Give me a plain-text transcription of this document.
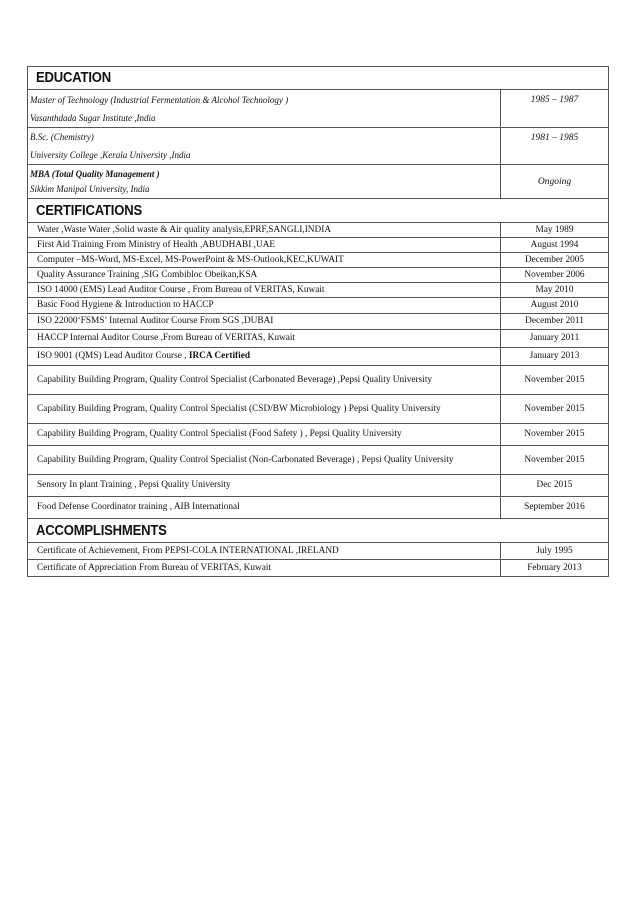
EDUCATION	

Master of Technology (Industrial Fermentation & Alcohol Technology )
Vasanthdada Sugar Institute ,India	1985 – 1987

B.Sc. (Chemistry)
University College ,Kerala University ,India	1981 – 1985

MBA (Total Quality Management )
Sikkim Manipal University, India	Ongoing
CERTIFICATIONS	
Water ,Waste Water ,Solid waste & Air quality analysis,EPRF,SANGLI,INDIA	May 1989
First Aid Training From Ministry of Health ,ABUDHABI ,UAE	August 1994
Computer –MS-Word, MS-Excel, MS-PowerPoint & MS-Outlook,KEC,KUWAIT	December 2005
Quality Assurance Training ,SIG Combibloc Obeikan,KSA	November 2006
ISO 14000 (EMS) Lead Auditor Course , From Bureau of VERITAS, Kuwait	May 2010
Basic Food Hygiene & Introduction to HACCP	August 2010
ISO 22000‘FSMS’ Internal Auditor Course From SGS ,DUBAI	December 2011
HACCP Internal Auditor Course ,From Bureau of VERITAS, Kuwait	January 2011
ISO 9001 (QMS) Lead Auditor Course , IRCA Certified	January 2013
Capability Building Program, Quality Control Specialist (Carbonated Beverage) ,Pepsi Quality University	November 2015
Capability Building Program, Quality Control Specialist (CSD/BW Microbiology ) Pepsi Quality University	November 2015
Capability Building Program, Quality Control Specialist (Food Safety ) , Pepsi Quality University	November 2015
Capability Building Program, Quality Control Specialist (Non-Carbonated Beverage) , Pepsi Quality University	November 2015
Sensory In plant Training , Pepsi Quality University	Dec 2015
Food Defense Coordinator training , AIB International	September 2016
ACCOMPLISHMENTS	
Certificate of Achievement, From PEPSI-COLA INTERNATIONAL ,IRELAND	July 1995
Certificate of Appreciation From Bureau of VERITAS, Kuwait	February 2013
